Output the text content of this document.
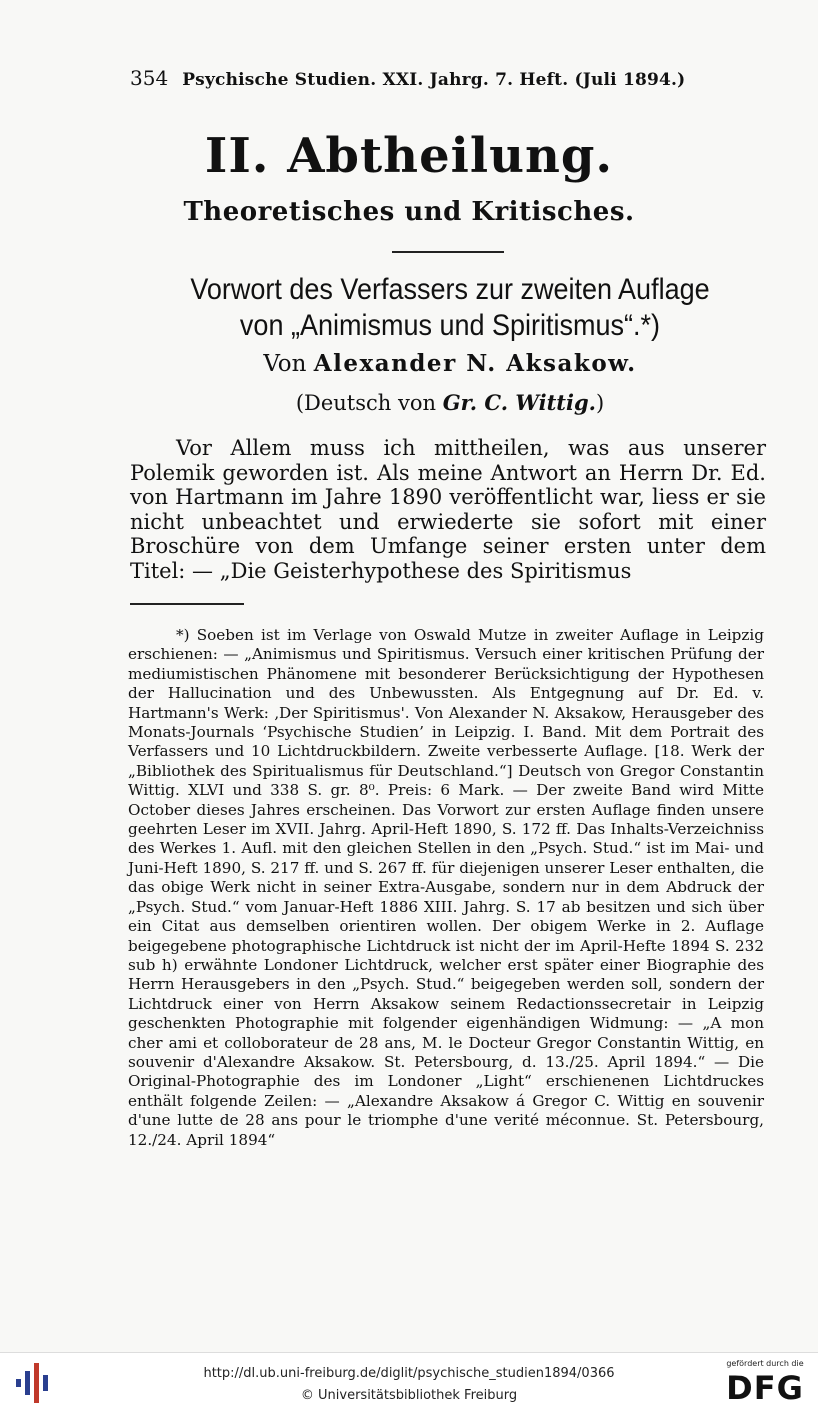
354 Psychische Studien. XXI. Jahrg. 7. Heft. (Juli 1894.)
II. Abtheilung.
Theoretisches und Kritisches.
Vorwort des Verfassers zur zweiten Auflage
von „Animismus und Spiritismus“.*)
Von Alexander N. Aksakow.
(Deutsch von Gr. C. Wittig.)

Vor Allem muss ich mittheilen, was aus unserer Polemik geworden ist. Als meine Antwort an Herrn Dr. Ed. von Hartmann im Jahre 1890 veröffentlicht war, liess er sie nicht unbeachtet und erwiederte sie sofort mit einer Broschüre von dem Umfange seiner ersten unter dem Titel: — „Die Geisterhypothese des Spiritismus

*) Soeben ist im Verlage von Oswald Mutze in zweiter Auflage in Leipzig erschienen: — „Animismus und Spiritismus. Versuch einer kritischen Prüfung der mediumistischen Phänomene mit besonderer Berücksichtigung der Hypothesen der Hallucination und des Unbewussten. Als Entgegnung auf Dr. Ed. v. Hartmann's Werk: ‚Der Spiritismus'. Von Alexander N. Aksakow, Herausgeber des Monats-Journals ‘Psychische Studien’ in Leipzig. I. Band. Mit dem Portrait des Verfassers und 10 Lichtdruckbildern. Zweite verbesserte Auflage. [18. Werk der „Bibliothek des Spiritualismus für Deutschland.“] Deutsch von Gregor Constantin Wittig. XLVI und 338 S. gr. 8⁰. Preis: 6 Mark. — Der zweite Band wird Mitte October dieses Jahres erscheinen. Das Vorwort zur ersten Auflage finden unsere geehrten Leser im XVII. Jahrg. April-Heft 1890, S. 172 ff. Das Inhalts-Verzeichniss des Werkes 1. Aufl. mit den gleichen Stellen in den „Psych. Stud.“ ist im Mai- und Juni-Heft 1890, S. 217 ff. und S. 267 ff. für diejenigen unserer Leser enthalten, die das obige Werk nicht in seiner Extra-Ausgabe, sondern nur in dem Abdruck der „Psych. Stud.“ vom Januar-Heft 1886 XIII. Jahrg. S. 17 ab besitzen und sich über ein Citat aus demselben orientiren wollen. Der obigem Werke in 2. Auflage beigegebene photographische Lichtdruck ist nicht der im April-Hefte 1894 S. 232 sub h) erwähnte Londoner Lichtdruck, welcher erst später einer Biographie des Herrn Herausgebers in den „Psych. Stud.“ beigegeben werden soll, sondern der Lichtdruck einer von Herrn Aksakow seinem Redactionssecretair in Leipzig geschenkten Photographie mit folgender eigenhändigen Widmung: — „A mon cher ami et colloborateur de 28 ans, M. le Docteur Gregor Constantin Wittig, en souvenir d'Alexandre Aksakow. St. Petersbourg, d. 13./25. April 1894.“ — Die Original-Photographie des im Londoner „Light“ erschienenen Lichtdruckes enthält folgende Zeilen: — „Alexandre Aksakow á Gregor C. Wittig en souvenir d'une lutte de 28 ans pour le triomphe d'une verité méconnue. St. Petersbourg, 12./24. April 1894“

http://dl.ub.uni-freiburg.de/diglit/psychische_studien1894/0366
© Universitätsbibliothek Freiburg
gefördert durch die
DFG
